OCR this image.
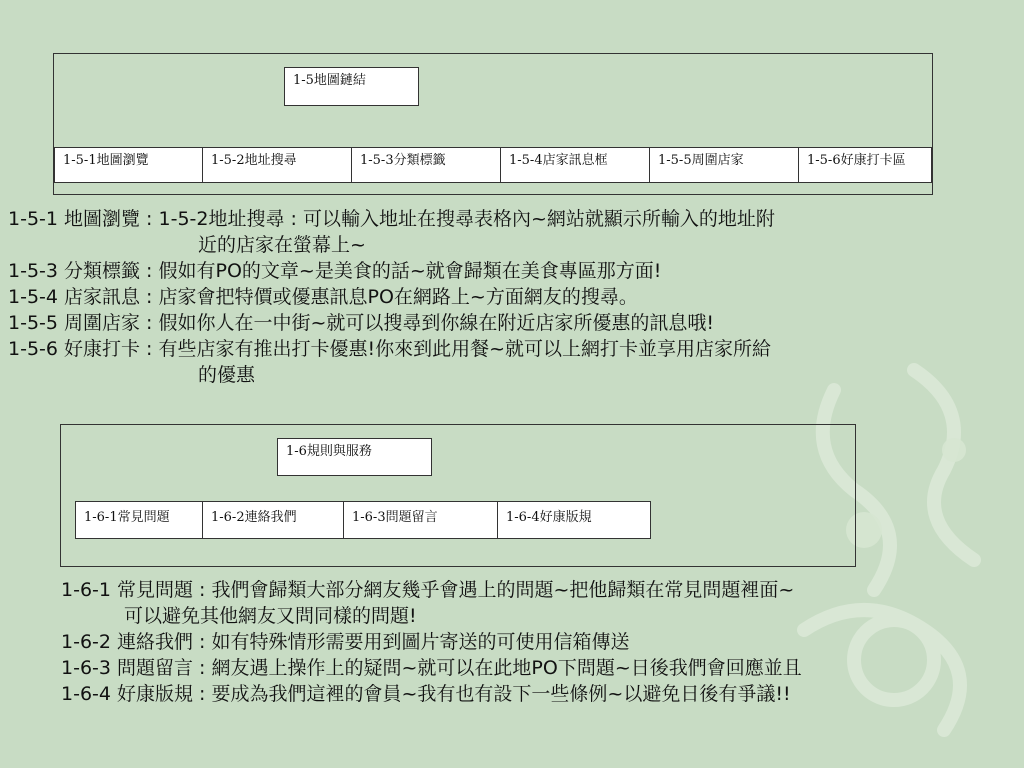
1-5地圖鏈結
1-5-1地圖瀏覽	1-5-2地址搜尋	1-5-3分類標籤	1-5-4店家訊息框	1-5-5周圍店家	1-5-6好康打卡區
1-5-1 地圖瀏覽 : 1-5-2地址搜尋 : 可以輸入地址在搜尋表格內~網站就顯示所輸入的地址附
近的店家在螢幕上~
1-5-3 分類標籤 : 假如有PO的文章~是美食的話~就會歸類在美食專區那方面!
1-5-4 店家訊息 : 店家會把特價或優惠訊息PO在網路上~方面網友的搜尋。
1-5-5 周圍店家 : 假如你人在一中街~就可以搜尋到你線在附近店家所優惠的訊息哦!
1-5-6 好康打卡 : 有些店家有推出打卡優惠!你來到此用餐~就可以上網打卡並享用店家所給
的優惠
1-6規則與服務
1-6-1常見問題	1-6-2連絡我們	1-6-3問題留言	1-6-4好康版規
1-6-1 常見問題 : 我們會歸類大部分網友幾乎會遇上的問題~把他歸類在常見問題裡面~
可以避免其他網友又問同樣的問題!
1-6-2 連絡我們 : 如有特殊情形需要用到圖片寄送的可使用信箱傳送
1-6-3 問題留言 : 網友遇上操作上的疑問~就可以在此地PO下問題~日後我們會回應並且
1-6-4 好康版規 : 要成為我們這裡的會員~我有也有設下一些條例~以避免日後有爭議!!
